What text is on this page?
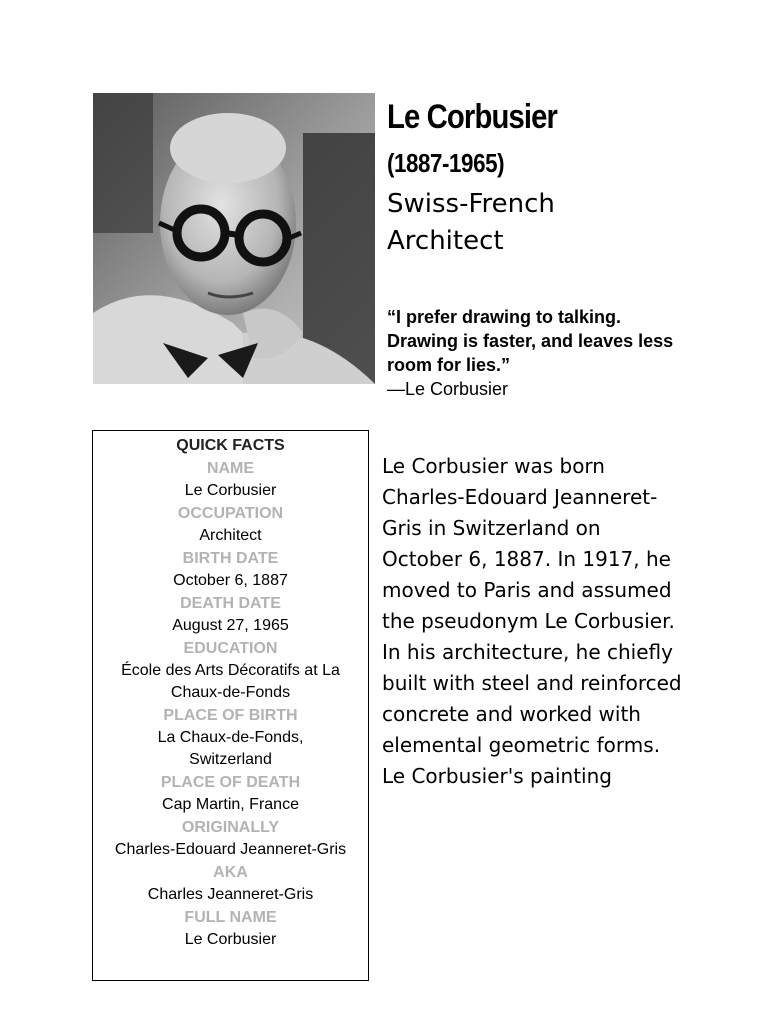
Le Corbusier
(1887-1965)
Swiss-French Architect
“I prefer drawing to talking. Drawing is faster, and leaves less room for lies.”
—Le Corbusier
QUICK FACTS
NAME
Le Corbusier
OCCUPATION
Architect
BIRTH DATE
October 6, 1887
DEATH DATE
August 27, 1965
EDUCATION
École des Arts Décoratifs at La Chaux-de-Fonds
PLACE OF BIRTH
La Chaux-de-Fonds, Switzerland
PLACE OF DEATH
Cap Martin, France
ORIGINALLY
Charles-Edouard Jeanneret-Gris
AKA
Charles Jeanneret-Gris
FULL NAME
Le Corbusier
Le Corbusier was born Charles-Edouard Jeanneret-Gris in Switzerland on October 6, 1887. In 1917, he moved to Paris and assumed the pseudonym Le Corbusier. In his architecture, he chiefly built with steel and reinforced concrete and worked with elemental geometric forms. Le Corbusier's painting
